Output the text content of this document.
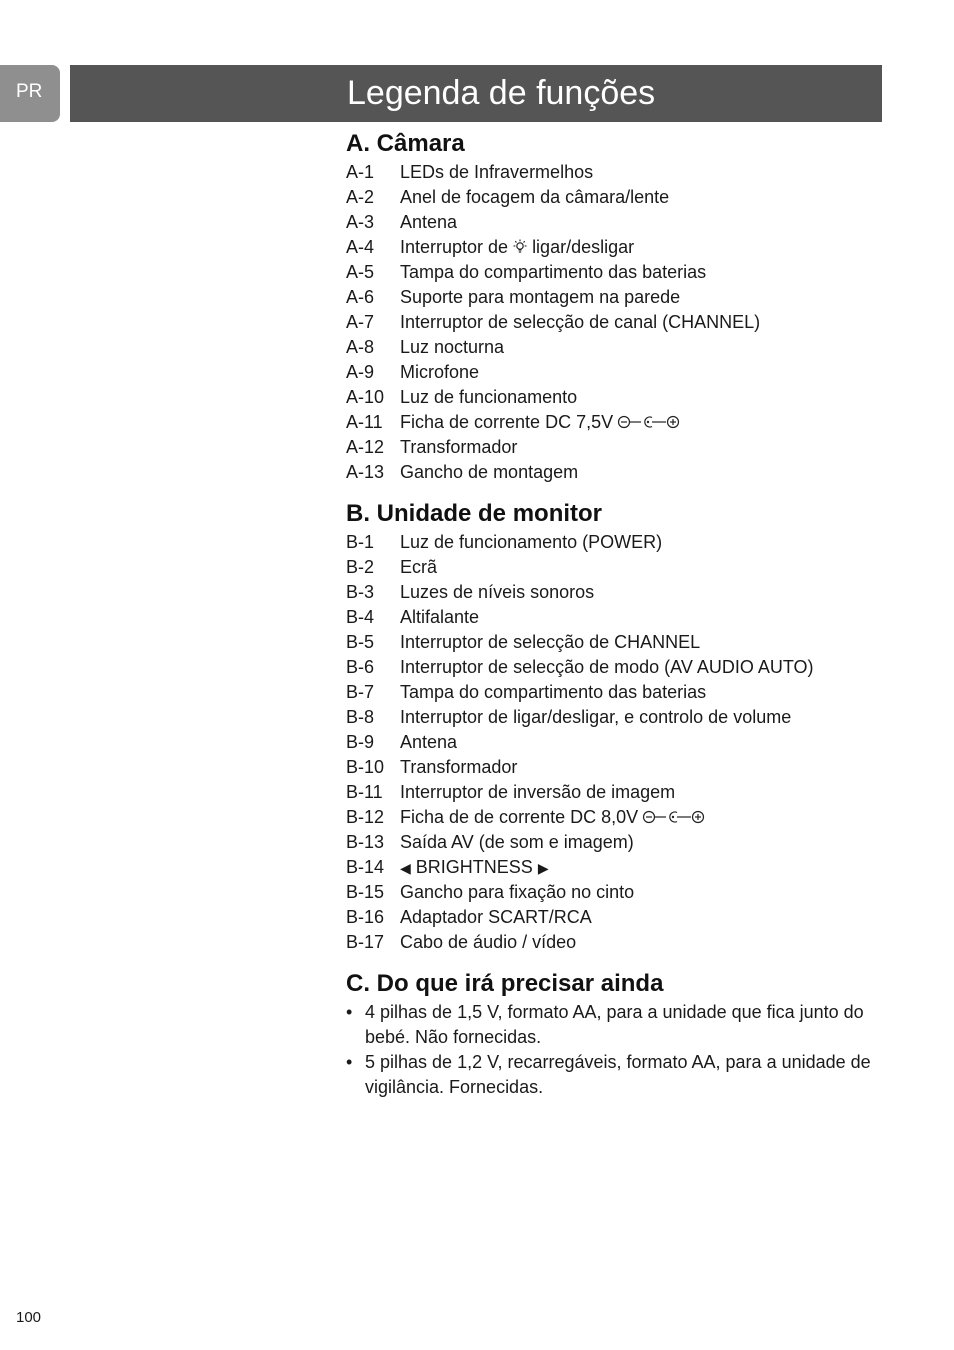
PR	Legenda de funções
A. Câmara
A-1 LEDs de Infravermelhos
A-2 Anel de focagem da câmara/lente
A-3 Antena
A-4 Interruptor de ligar/desligar
A-5 Tampa do compartimento das baterias
A-6 Suporte para montagem na parede
A-7 Interruptor de selecção de canal (CHANNEL)
A-8 Luz nocturna
A-9 Microfone
A-10 Luz de funcionamento
A-11 Ficha de corrente DC 7,5V
A-12 Transformador
A-13 Gancho de montagem
B. Unidade de monitor
B-1 Luz de funcionamento (POWER)
B-2 Ecrã
B-3 Luzes de níveis sonoros
B-4 Altifalante
B-5 Interruptor de selecção de CHANNEL
B-6 Interruptor de selecção de modo (AV AUDIO AUTO)
B-7 Tampa do compartimento das baterias
B-8 Interruptor de ligar/desligar, e controlo de volume
B-9 Antena
B-10 Transformador
B-11 Interruptor de inversão de imagem
B-12 Ficha de de corrente DC 8,0V
B-13 Saída AV (de som e imagem)
B-14 ◀ BRIGHTNESS ▶
B-15 Gancho para fixação no cinto
B-16 Adaptador SCART/RCA
B-17 Cabo de áudio / vídeo
C. Do que irá precisar ainda
• 4 pilhas de 1,5 V, formato AA, para a unidade que fica junto do
bebé. Não fornecidas.
• 5 pilhas de 1,2 V, recarregáveis, formato AA, para a unidade de
vigilância. Fornecidas.
100
